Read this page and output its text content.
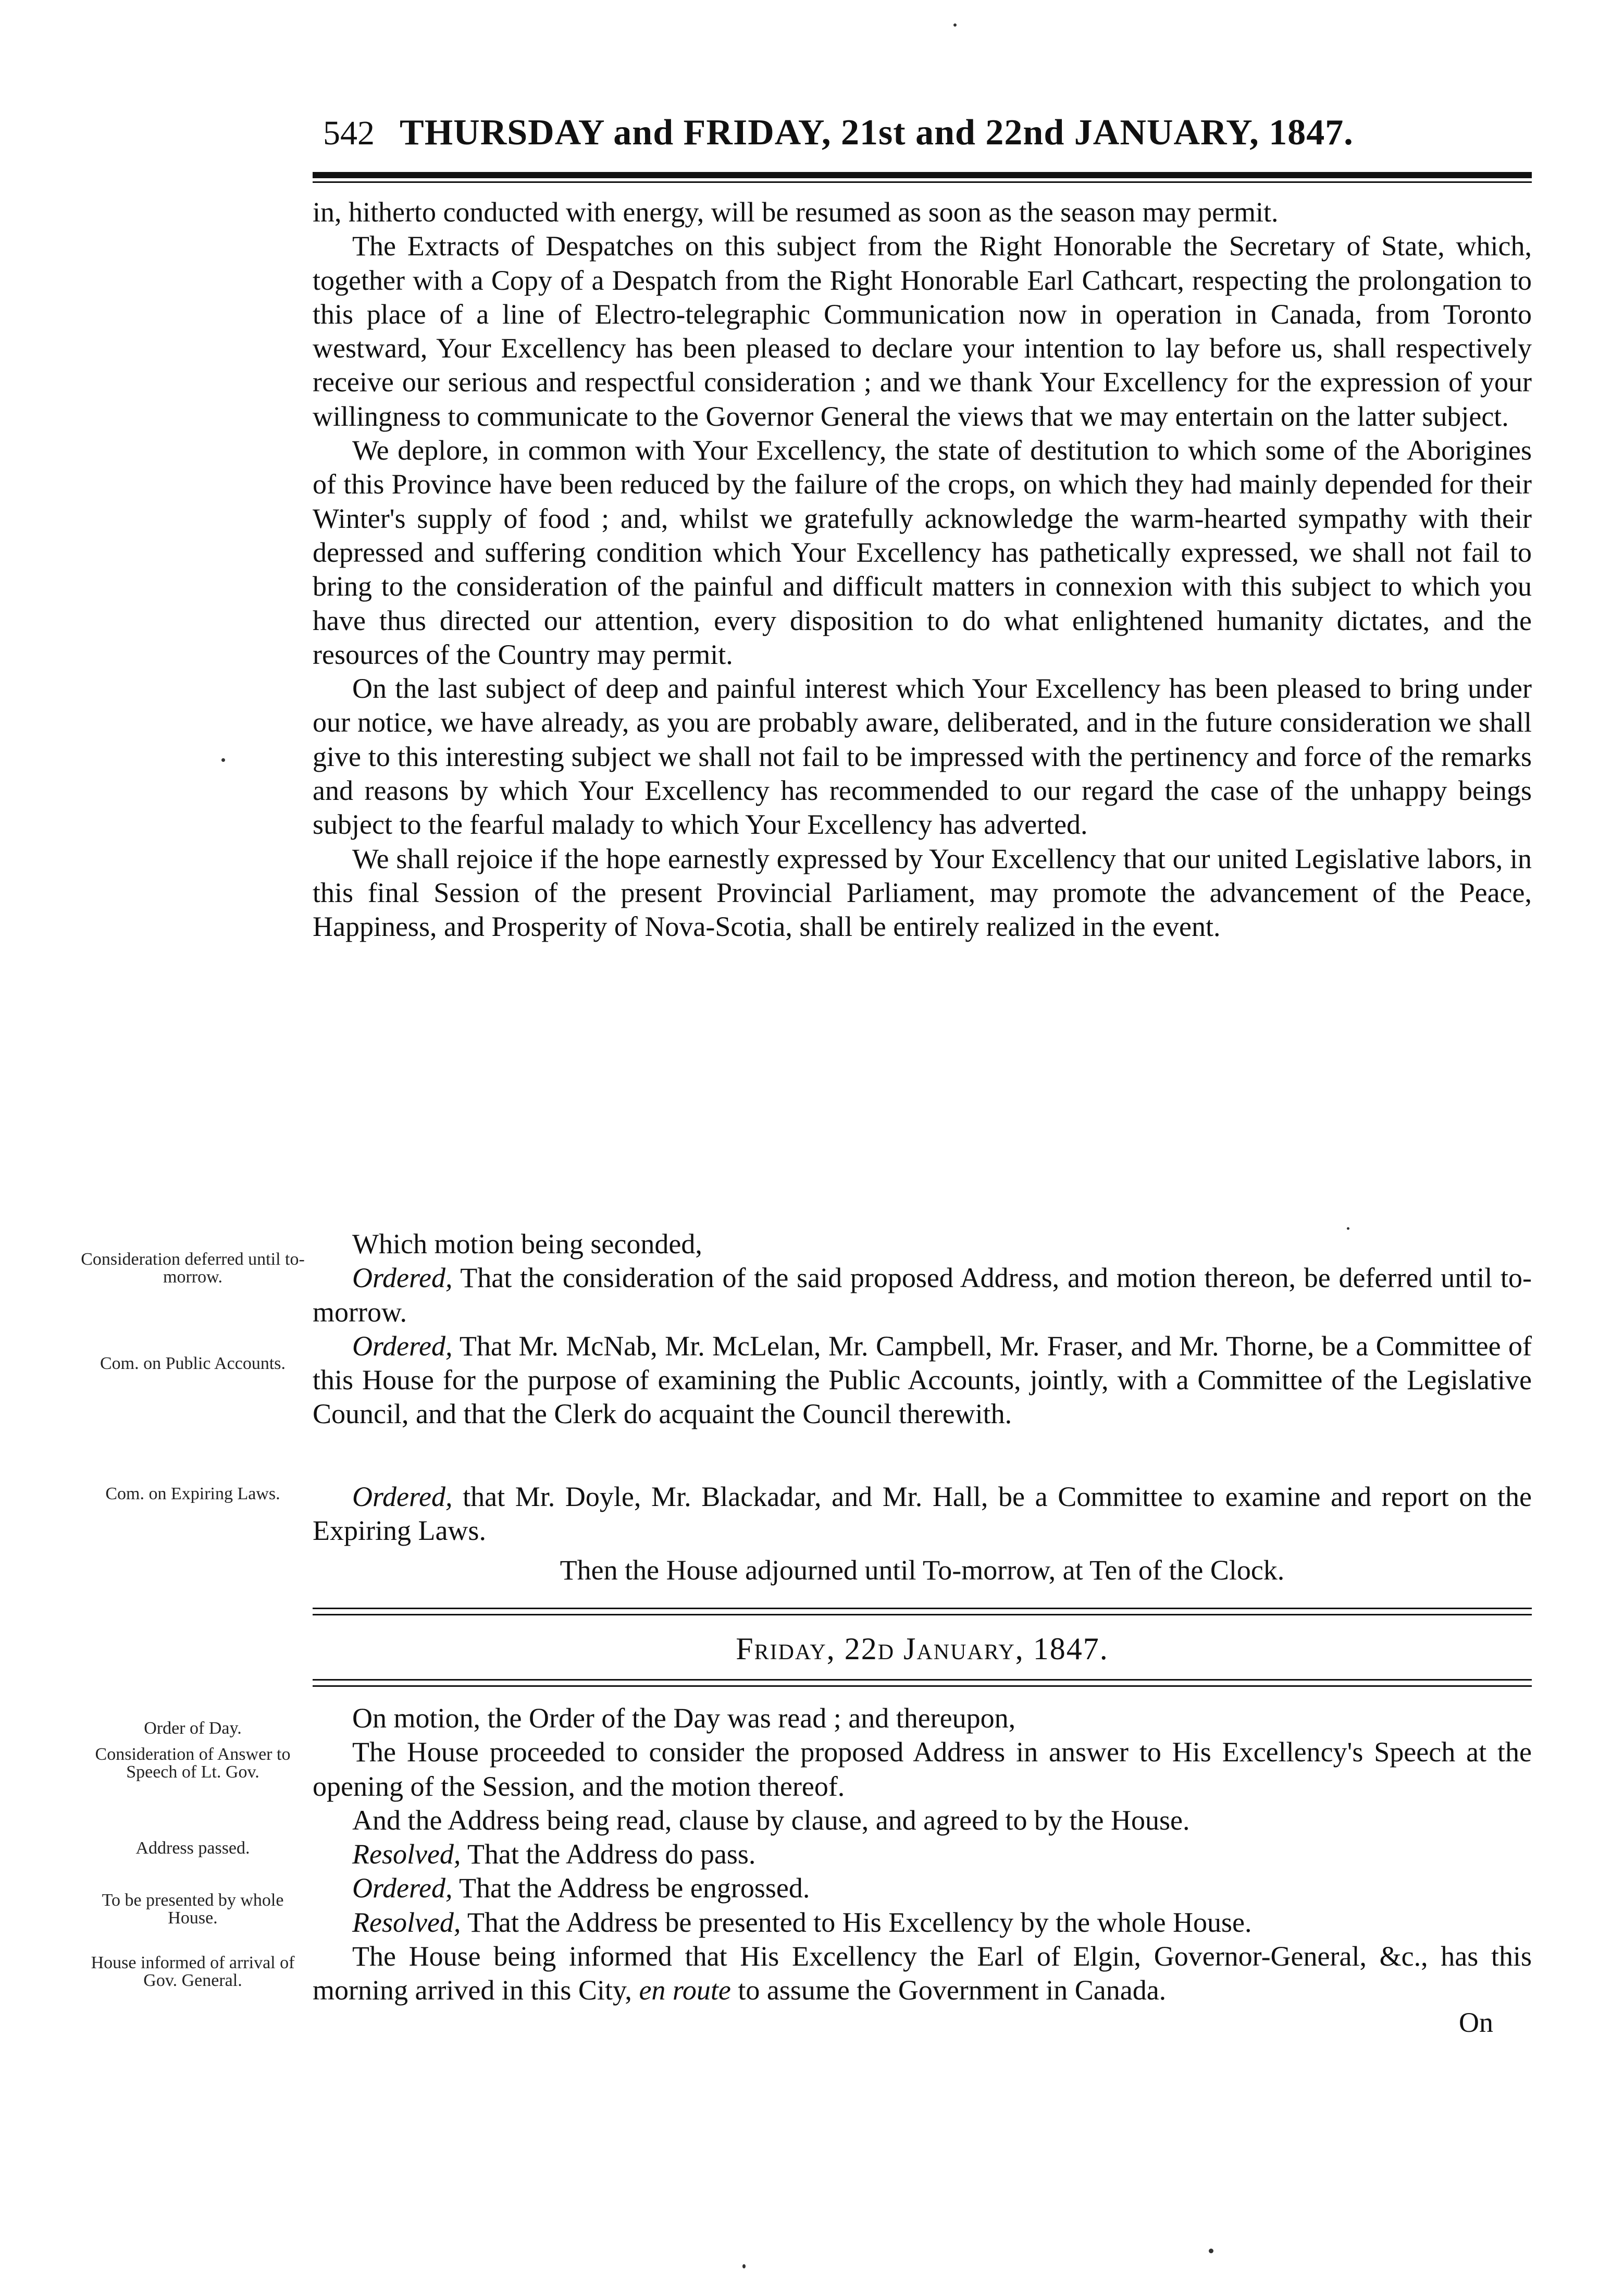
542 THURSDAY and FRIDAY, 21st and 22nd JANUARY, 1847.

in, hitherto conducted with energy, will be resumed as soon as the season may permit.

The Extracts of Despatches on this subject from the Right Honorable the Secretary of State, which, together with a Copy of a Despatch from the Right Honorable Earl Cathcart, respecting the prolongation to this place of a line of Electro-telegraphic Communication now in operation in Canada, from Toronto westward, Your Excellency has been pleased to declare your intention to lay before us, shall respectively receive our serious and respectful consideration ; and we thank Your Excellency for the expression of your willingness to communicate to the Governor General the views that we may entertain on the latter subject.

We deplore, in common with Your Excellency, the state of destitution to which some of the Aborigines of this Province have been reduced by the failure of the crops, on which they had mainly depended for their Winter's supply of food ; and, whilst we gratefully acknowledge the warm-hearted sympathy with their depressed and suffering condition which Your Excellency has pathetically expressed, we shall not fail to bring to the consideration of the painful and difficult matters in connexion with this subject to which you have thus directed our attention, every disposition to do what enlightened humanity dictates, and the resources of the Country may permit.

On the last subject of deep and painful interest which Your Excellency has been pleased to bring under our notice, we have already, as you are probably aware, deliberated, and in the future consideration we shall give to this interesting subject we shall not fail to be impressed with the pertinency and force of the remarks and reasons by which Your Excellency has recommended to our regard the case of the unhappy beings subject to the fearful malady to which Your Excellency has adverted.

We shall rejoice if the hope earnestly expressed by Your Excellency that our united Legislative labors, in this final Session of the present Provincial Parliament, may promote the advancement of the Peace, Happiness, and Prosperity of Nova-Scotia, shall be entirely realized in the event.

Which motion being seconded,

Ordered, That the consideration of the said proposed Address, and motion thereon, be deferred until to-morrow.

Ordered, That Mr. McNab, Mr. McLelan, Mr. Campbell, Mr. Fraser, and Mr. Thorne, be a Committee of this House for the purpose of examining the Public Accounts, jointly, with a Committee of the Legislative Council, and that the Clerk do acquaint the Council therewith.

Ordered, that Mr. Doyle, Mr. Blackadar, and Mr. Hall, be a Committee to examine and report on the Expiring Laws.

Then the House adjourned until To-morrow, at Ten of the Clock.

Friday, 22d January, 1847.

On motion, the Order of the Day was read ; and thereupon,

The House proceeded to consider the proposed Address in answer to His Excellency's Speech at the opening of the Session, and the motion thereof.

And the Address being read, clause by clause, and agreed to by the House.

Resolved, That the Address do pass.

Ordered, That the Address be engrossed.

Resolved, That the Address be presented to His Excellency by the whole House.

The House being informed that His Excellency the Earl of Elgin, Governor-General, &c., has this morning arrived in this City, en route to assume the Government in Canada.

On
Consideration deferred until to-morrow.
Com. on Public Accounts.
Com. on Expiring Laws.
Order of Day.
Consideration of Answer to Speech of Lt. Gov.
Address passed.
To be presented by whole House.
House informed of arrival of Gov. General.
